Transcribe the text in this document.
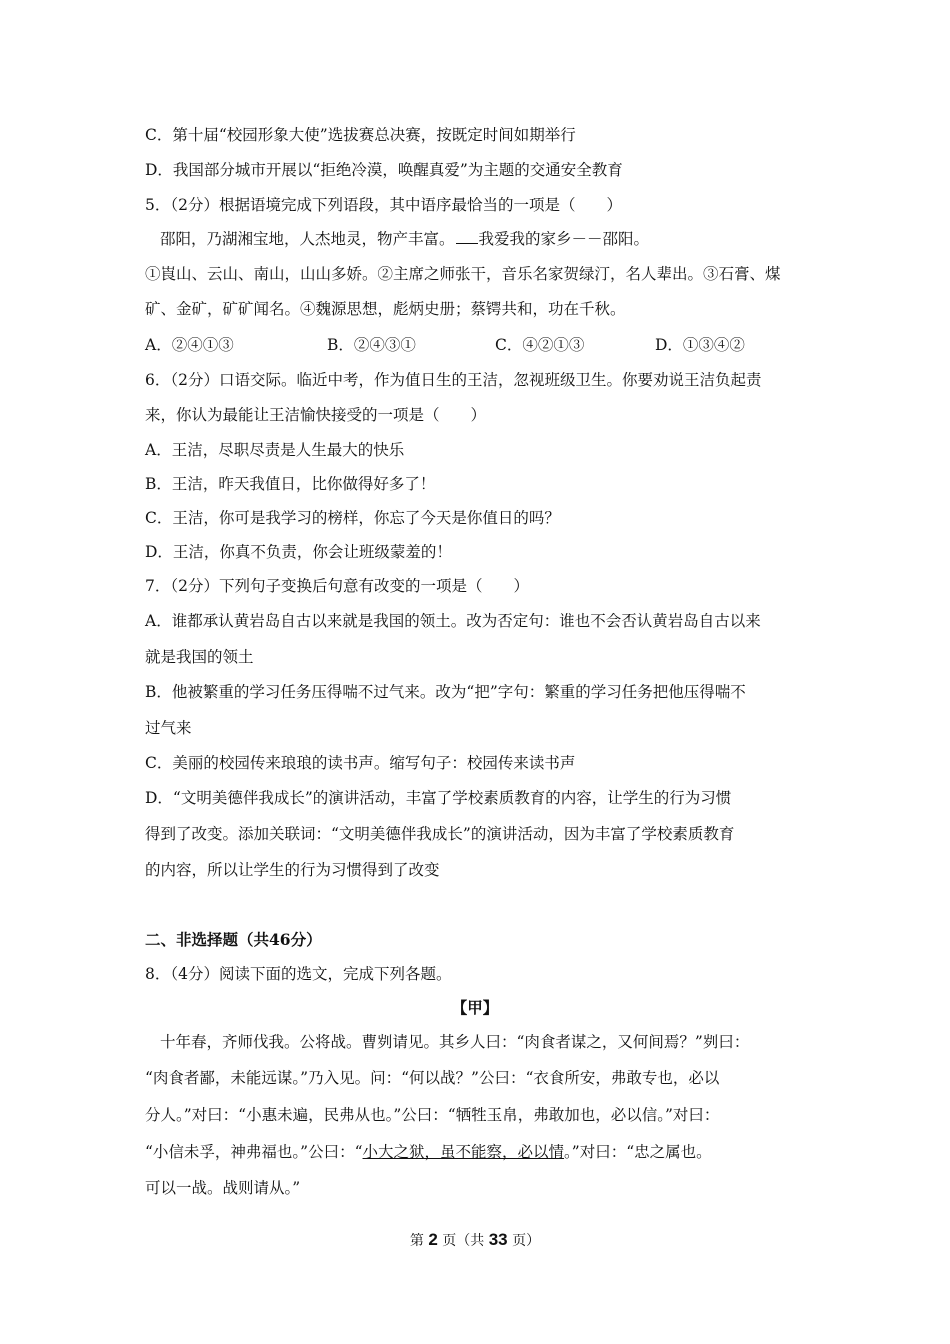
C．第十届“校园形象大使”选拔赛总决赛，按既定时间如期举行
D．我国部分城市开展以“拒绝冷漠，唤醒真爱”为主题的交通安全教育
5．（2分）根据语境完成下列语段，其中语序最恰当的一项是（　　）
邵阳，乃湖湘宝地，人杰地灵，物产丰富。 我爱我的家乡－－邵阳。
①崀山、云山、南山，山山多娇。②主席之师张干，音乐名家贺绿汀，名人辈出。③石膏、煤
矿、金矿，矿矿闻名。④魏源思想，彪炳史册；蔡锷共和，功在千秋。
A．②④①③	B．②④③①	C．④②①③	D．①③④②
6．（2分）口语交际。临近中考，作为值日生的王洁，忽视班级卫生。你要劝说王洁负起责
来，你认为最能让王洁愉快接受的一项是（　　）
A．王洁，尽职尽责是人生最大的快乐
B．王洁，昨天我值日，比你做得好多了！
C．王洁，你可是我学习的榜样，你忘了今天是你值日的吗？
D．王洁，你真不负责，你会让班级蒙羞的！
7．（2分）下列句子变换后句意有改变的一项是（　　）
A．谁都承认黄岩岛自古以来就是我国的领土。改为否定句：谁也不会否认黄岩岛自古以来
就是我国的领土
B．他被繁重的学习任务压得喘不过气来。改为“把”字句：繁重的学习任务把他压得喘不
过气来
C．美丽的校园传来琅琅的读书声。缩写句子：校园传来读书声
D．“文明美德伴我成长”的演讲活动，丰富了学校素质教育的内容，让学生的行为习惯
得到了改变。添加关联词：“文明美德伴我成长”的演讲活动，因为丰富了学校素质教育
的内容，所以让学生的行为习惯得到了改变
二、非选择题（共46分）
8．（4分）阅读下面的选文，完成下列各题。
【甲】
十年春，齐师伐我。公将战。曹刿请见。其乡人曰：“肉食者谋之，又何间焉？”刿曰：
“肉食者鄙，未能远谋。”乃入见。问：“何以战？”公曰：“衣食所安，弗敢专也，必以
分人。”对曰：“小惠未遍，民弗从也。”公曰：“牺牲玉帛，弗敢加也，必以信。”对曰：
“小信未孚，神弗福也。”公曰：“小大之狱，虽不能察，必以情。”对曰：“忠之属也。
可以一战。战则请从。”
第 2 页（共 33 页）
